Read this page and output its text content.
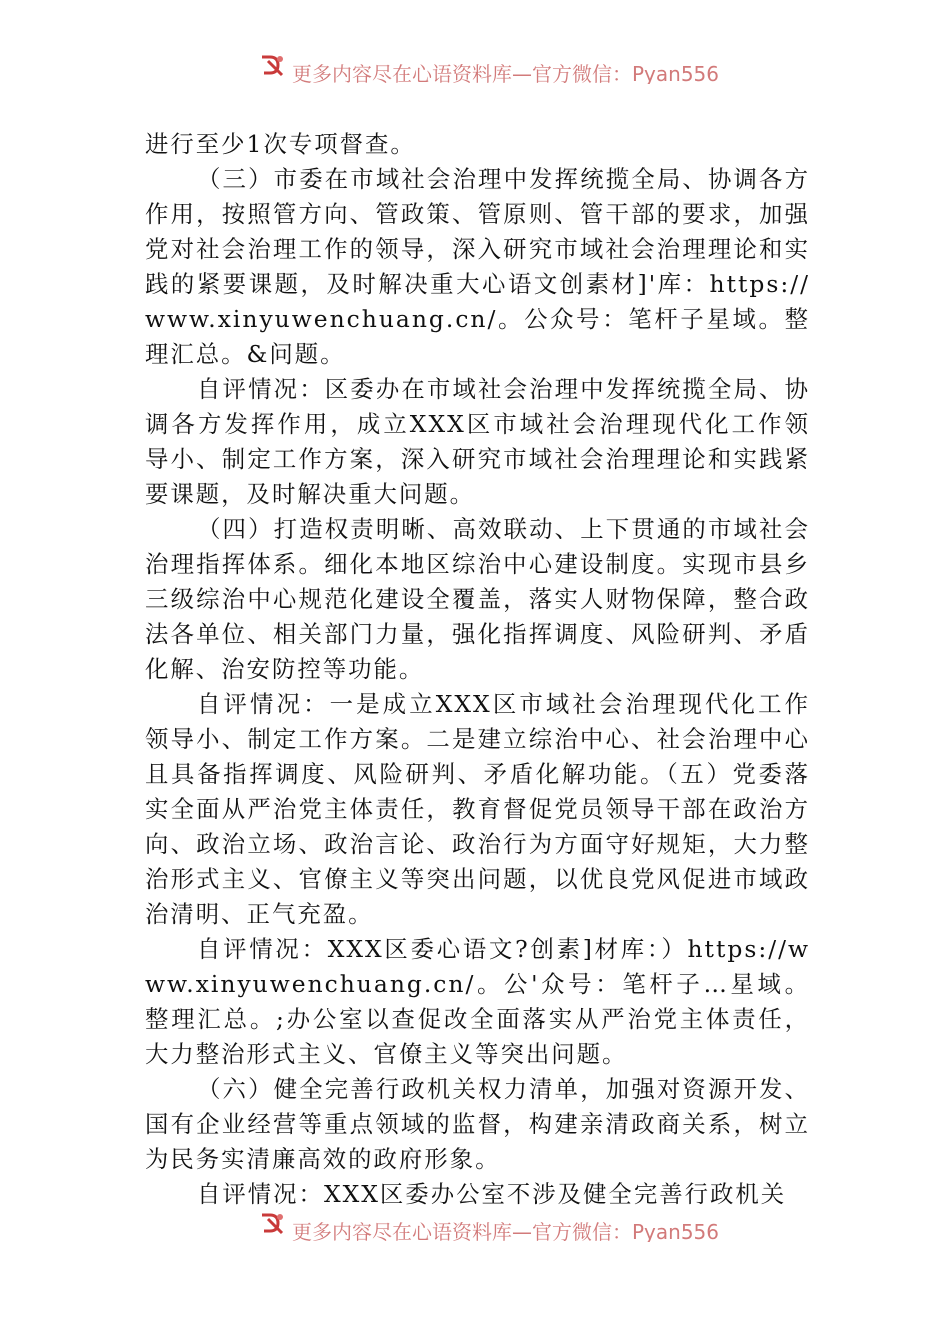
更多内容尽在心语资料库—官方微信：Pyan556

进行至少1次专项督查。

（三）市委在市域社会治理中发挥统揽全局、协调各方作用，按照管方向、管政策、管原则、管干部的要求，加强党对社会治理工作的领导，深入研究市域社会治理理论和实践的紧要课题，及时解决重大心语文创素材]'库：https://www.xinyuwenchuang.cn/。公众号：笔杆子星域。整理汇总。&问题。

自评情况：区委办在市域社会治理中发挥统揽全局、协调各方发挥作用，成立XXX区市域社会治理现代化工作领导小、制定工作方案，深入研究市域社会治理理论和实践紧要课题，及时解决重大问题。

（四）打造权责明晰、高效联动、上下贯通的市域社会治理指挥体系。细化本地区综治中心建设制度。实现市县乡三级综治中心规范化建设全覆盖，落实人财物保障，整合政法各单位、相关部门力量，强化指挥调度、风险研判、矛盾化解、治安防控等功能。

自评情况：一是成立XXX区市域社会治理现代化工作领导小、制定工作方案。二是建立综治中心、社会治理中心且具备指挥调度、风险研判、矛盾化解功能。（五）党委落实全面从严治党主体责任，教育督促党员领导干部在政治方向、政治立场、政治言论、政治行为方面守好规矩，大力整治形式主义、官僚主义等突出问题，以优良党风促进市域政治清明、正气充盈。

自评情况：XXX区委心语文?创素]材库：）https://www.xinyuwenchuang.cn/。公'众号：笔杆子…星域。整理汇总。;办公室以查促改全面落实从严治党主体责任，大力整治形式主义、官僚主义等突出问题。

（六）健全完善行政机关权力清单，加强对资源开发、国有企业经营等重点领域的监督，构建亲清政商关系，树立为民务实清廉高效的政府形象。

自评情况：XXX区委办公室不涉及健全完善行政机关

更多内容尽在心语资料库—官方微信：Pyan556
